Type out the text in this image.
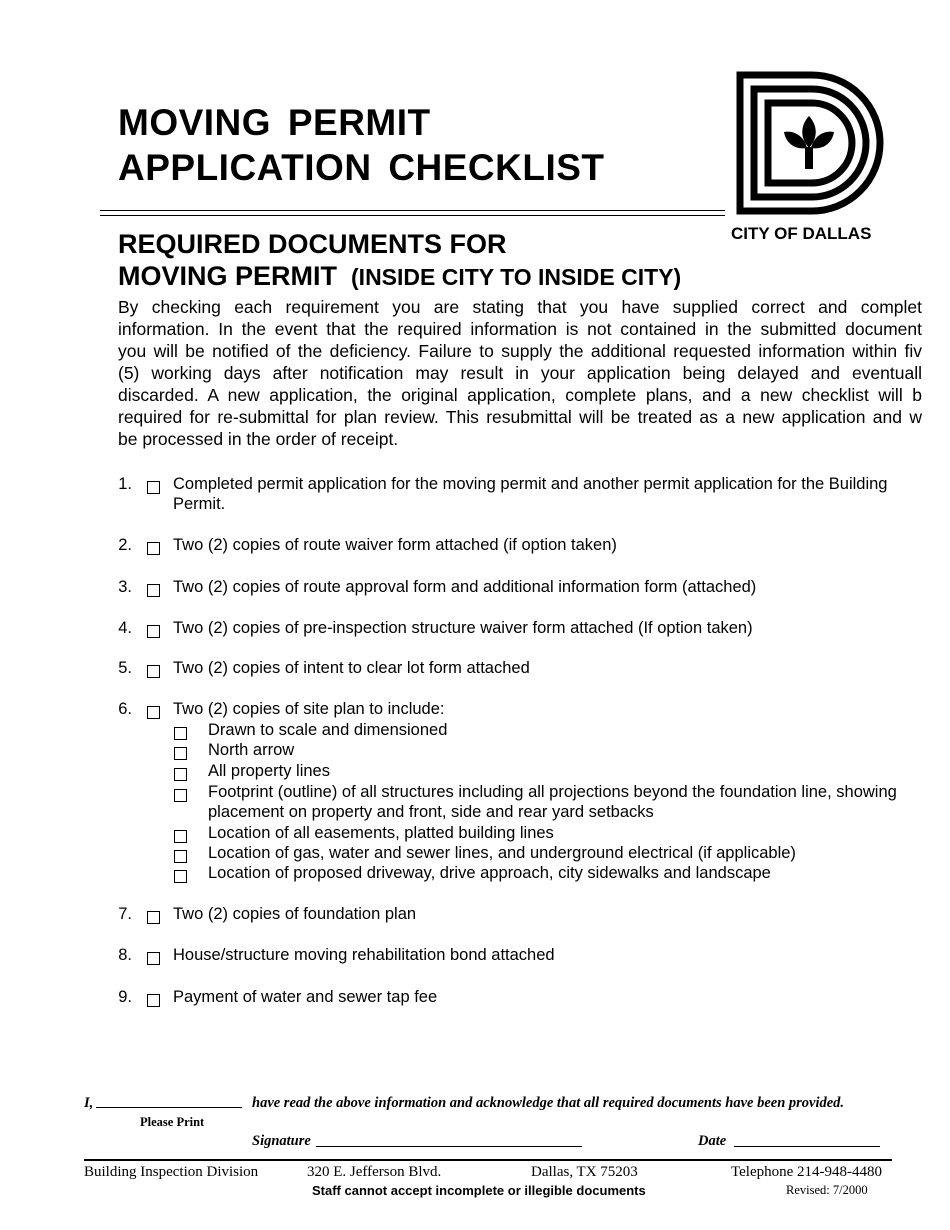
MOVING PERMIT
APPLICATION CHECKLIST
CITY OF DALLAS
REQUIRED DOCUMENTS FOR
MOVING PERMIT (INSIDE CITY TO INSIDE CITY)
By checking each requirement you are stating that you have supplied correct and complet
information. In the event that the required information is not contained in the submitted document
you will be notified of the deficiency. Failure to supply the additional requested information within fiv
(5) working days after notification may result in your application being delayed and eventuall
discarded. A new application, the original application, complete plans, and a new checklist will b
required for re-submittal for plan review. This resubmittal will be treated as a new application and w
be processed in the order of receipt.
1. Completed permit application for the moving permit and another permit application for the Building
Permit.
2. Two (2) copies of route waiver form attached (if option taken)
3. Two (2) copies of route approval form and additional information form (attached)
4. Two (2) copies of pre-inspection structure waiver form attached (If option taken)
5. Two (2) copies of intent to clear lot form attached
6. Two (2) copies of site plan to include:
Drawn to scale and dimensioned
North arrow
All property lines
Footprint (outline) of all structures including all projections beyond the foundation line, showing
placement on property and front, side and rear yard setbacks
Location of all easements, platted building lines
Location of gas, water and sewer lines, and underground electrical (if applicable)
Location of proposed driveway, drive approach, city sidewalks and landscape
7. Two (2) copies of foundation plan
8. House/structure moving rehabilitation bond attached
9. Payment of water and sewer tap fee
I,	have read the above information and acknowledge that all required documents have been provided.
Please Print
Signature	Date
Building Inspection Division	320 E. Jefferson Blvd.	Dallas, TX 75203	Telephone 214-948-4480
Staff cannot accept incomplete or illegible documents	Revised: 7/2000
